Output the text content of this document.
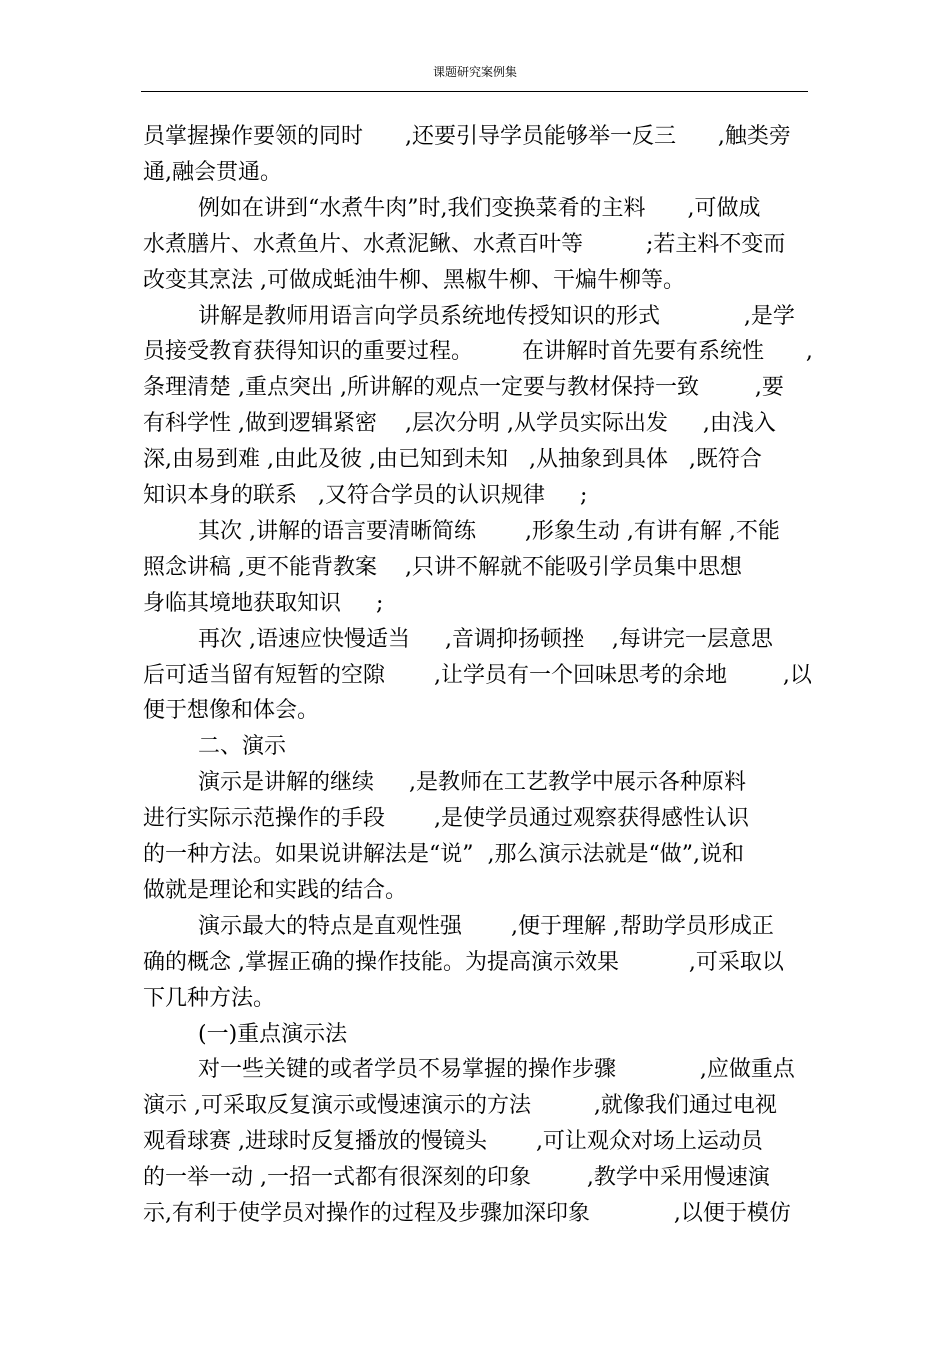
课题研究案例集
员掌握操作要领的同时      ,还要引导学员能够举一反三      ,触类旁
通,融会贯通。
例如在讲到“水煮牛肉”时,我们变换菜肴的主料      ,可做成
水煮膳片、水煮鱼片、水煮泥鳅、水煮百叶等         ;若主料不变而
改变其烹法 ,可做成蚝油牛柳、黑椒牛柳、干煸牛柳等。
讲解是教师用语言向学员系统地传授知识的形式            ,是学
员接受教育获得知识的重要过程。       在讲解时首先要有系统性      ,
条理清楚 ,重点突出 ,所讲解的观点一定要与教材保持一致        ,要
有科学性 ,做到逻辑紧密    ,层次分明 ,从学员实际出发     ,由浅入
深,由易到难 ,由此及彼 ,由已知到未知   ,从抽象到具体   ,既符合
知识本身的联系   ,又符合学员的认识规律     ;
其次 ,讲解的语言要清晰简练       ,形象生动 ,有讲有解 ,不能
照念讲稿 ,更不能背教案    ,只讲不解就不能吸引学员集中思想
身临其境地获取知识     ;
再次 ,语速应快慢适当     ,音调抑扬顿挫    ,每讲完一层意思
后可适当留有短暂的空隙       ,让学员有一个回味思考的余地        ,以
便于想像和体会。
二、演示
演示是讲解的继续     ,是教师在工艺教学中展示各种原料
进行实际示范操作的手段       ,是使学员通过观察获得感性认识
的一种方法。如果说讲解法是“说”  ,那么演示法就是“做”,说和
做就是理论和实践的结合。
演示最大的特点是直观性强       ,便于理解 ,帮助学员形成正
确的概念 ,掌握正确的操作技能。为提高演示效果          ,可采取以
下几种方法。
(一)重点演示法
对一些关键的或者学员不易掌握的操作步骤            ,应做重点
演示 ,可采取反复演示或慢速演示的方法         ,就像我们通过电视
观看球赛 ,进球时反复播放的慢镜头       ,可让观众对场上运动员
的一举一动 ,一招一式都有很深刻的印象        ,教学中采用慢速演
示,有利于使学员对操作的过程及步骤加深印象            ,以便于模仿
